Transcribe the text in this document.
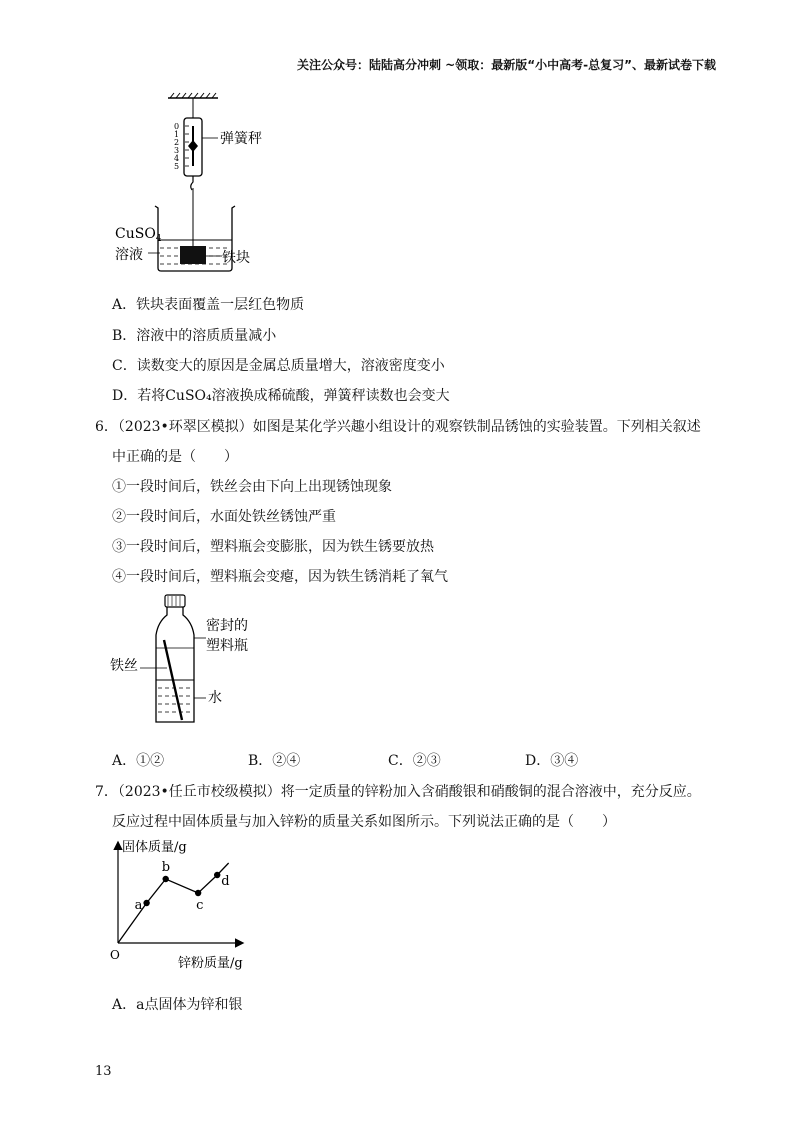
关注公众号：陆陆高分冲刺 ~领取：最新版“小中高考-总复习”、最新试卷下载
0
1
2
3
4
5
弹簧秤
铁块
CuSO$_4$
溶液
A．铁块表面覆盖一层红色物质
B．溶液中的溶质质量减小
C．读数变大的原因是金属总质量增大，溶液密度变小
D．若将CuSO₄溶液换成稀硫酸，弹簧秤读数也会变大
6．（2023•环翠区模拟）如图是某化学兴趣小组设计的观察铁制品锈蚀的实验装置。下列相关叙述
中正确的是（　　）
①一段时间后，铁丝会由下向上出现锈蚀现象
②一段时间后，水面处铁丝锈蚀严重
③一段时间后，塑料瓶会变膨胀，因为铁生锈要放热
④一段时间后，塑料瓶会变瘪，因为铁生锈消耗了氧气
密封的
塑料瓶
铁丝
水
A．①②	B．②④	C．②③	D．③④
7．（2023•任丘市校级模拟）将一定质量的锌粉加入含硝酸银和硝酸铜的混合溶液中，充分反应。
反应过程中固体质量与加入锌粉的质量关系如图所示。下列说法正确的是（　　）
固体质量/g
锌粉质量/g
O
a
b
c
d
A．a点固体为锌和银
13
